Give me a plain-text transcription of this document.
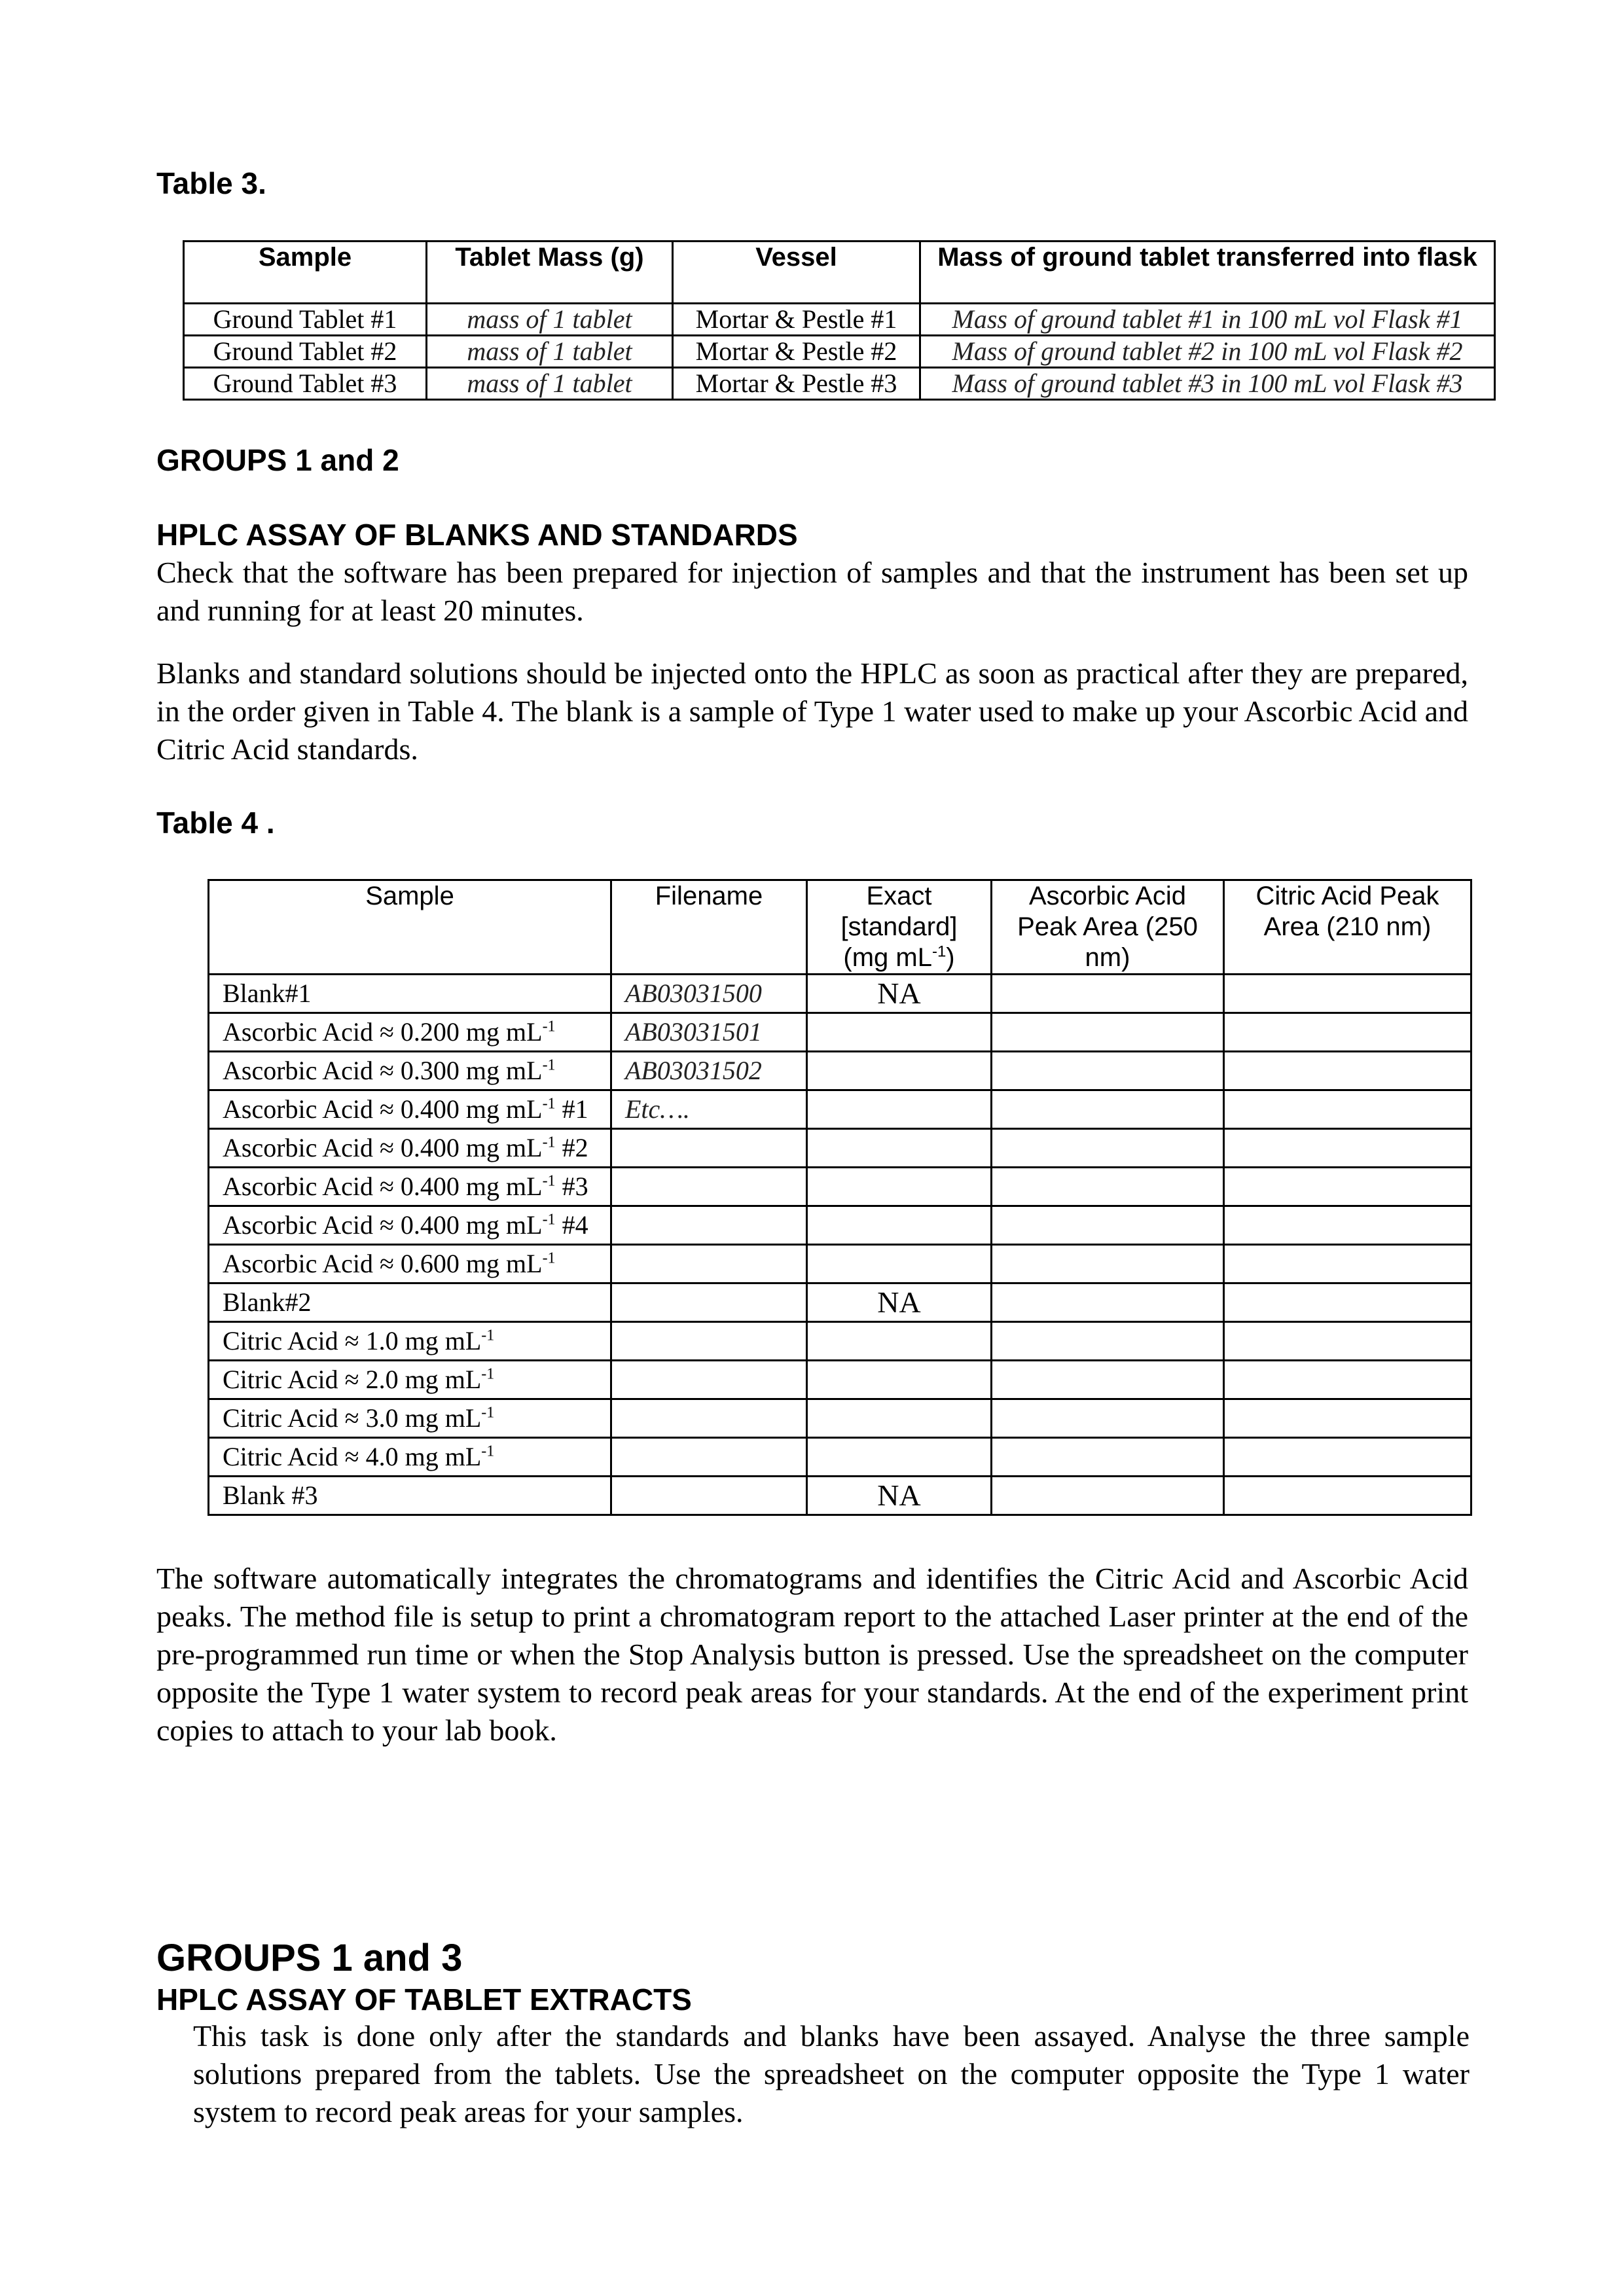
Table 3.
Sample	Tablet Mass (g)	Vessel	Mass of ground tablet transferred into flask
Ground Tablet #1	mass of 1 tablet	Mortar & Pestle #1	Mass of ground tablet #1 in 100 mL vol Flask #1
Ground Tablet #2	mass of 1 tablet	Mortar & Pestle #2	Mass of ground tablet #2 in 100 mL vol Flask #2
Ground Tablet #3	mass of 1 tablet	Mortar & Pestle #3	Mass of ground tablet #3 in 100 mL vol Flask #3
GROUPS 1 and 2
HPLC ASSAY OF BLANKS AND STANDARDS
Check that the software has been prepared for injection of samples and that the instrument has been set up and running for at least 20 minutes.
Blanks and standard solutions should be injected onto the HPLC as soon as practical after they are prepared, in the order given in Table 4. The blank is a sample of Type 1 water used to make up your Ascorbic Acid and Citric Acid standards.
Table 4 .
Sample	Filename	Exact
[standard]
(mg $mL^{-1}$)	Ascorbic Acid Peak Area (250 nm)	Citric Acid Peak Area (210 nm)
Blank#1	AB03031500	NA		
Ascorbic Acid ≈ 0.200 mg $mL^{-1}$	AB03031501			
Ascorbic Acid ≈ 0.300 mg $mL^{-1}$	AB03031502			
Ascorbic Acid ≈ 0.400 mg $mL^{-1}$ #1	Etc….			
Ascorbic Acid ≈ 0.400 mg $mL^{-1}$ #2				
Ascorbic Acid ≈ 0.400 mg $mL^{-1}$ #3				
Ascorbic Acid ≈ 0.400 mg $mL^{-1}$ #4				
Ascorbic Acid ≈ 0.600 mg $mL^{-1}$				
Blank#2		NA		
Citric Acid ≈ 1.0 mg $mL^{-1}$				
Citric Acid ≈ 2.0 mg $mL^{-1}$				
Citric Acid ≈ 3.0 mg $mL^{-1}$				
Citric Acid ≈ 4.0 mg $mL^{-1}$				
Blank #3		NA		
The software automatically integrates the chromatograms and identifies the Citric Acid and Ascorbic Acid peaks. The method file is setup to print a chromatogram report to the attached Laser printer at the end of the pre-programmed run time or when the Stop Analysis button is pressed. Use the spreadsheet on the computer opposite the Type 1 water system to record peak areas for your standards. At the end of the experiment print copies to attach to your lab book.
GROUPS 1 and 3
HPLC ASSAY OF TABLET EXTRACTS
This task is done only after the standards and blanks have been assayed. Analyse the three sample solutions prepared from the tablets. Use the spreadsheet on the computer opposite the Type 1 water system to record peak areas for your samples.
